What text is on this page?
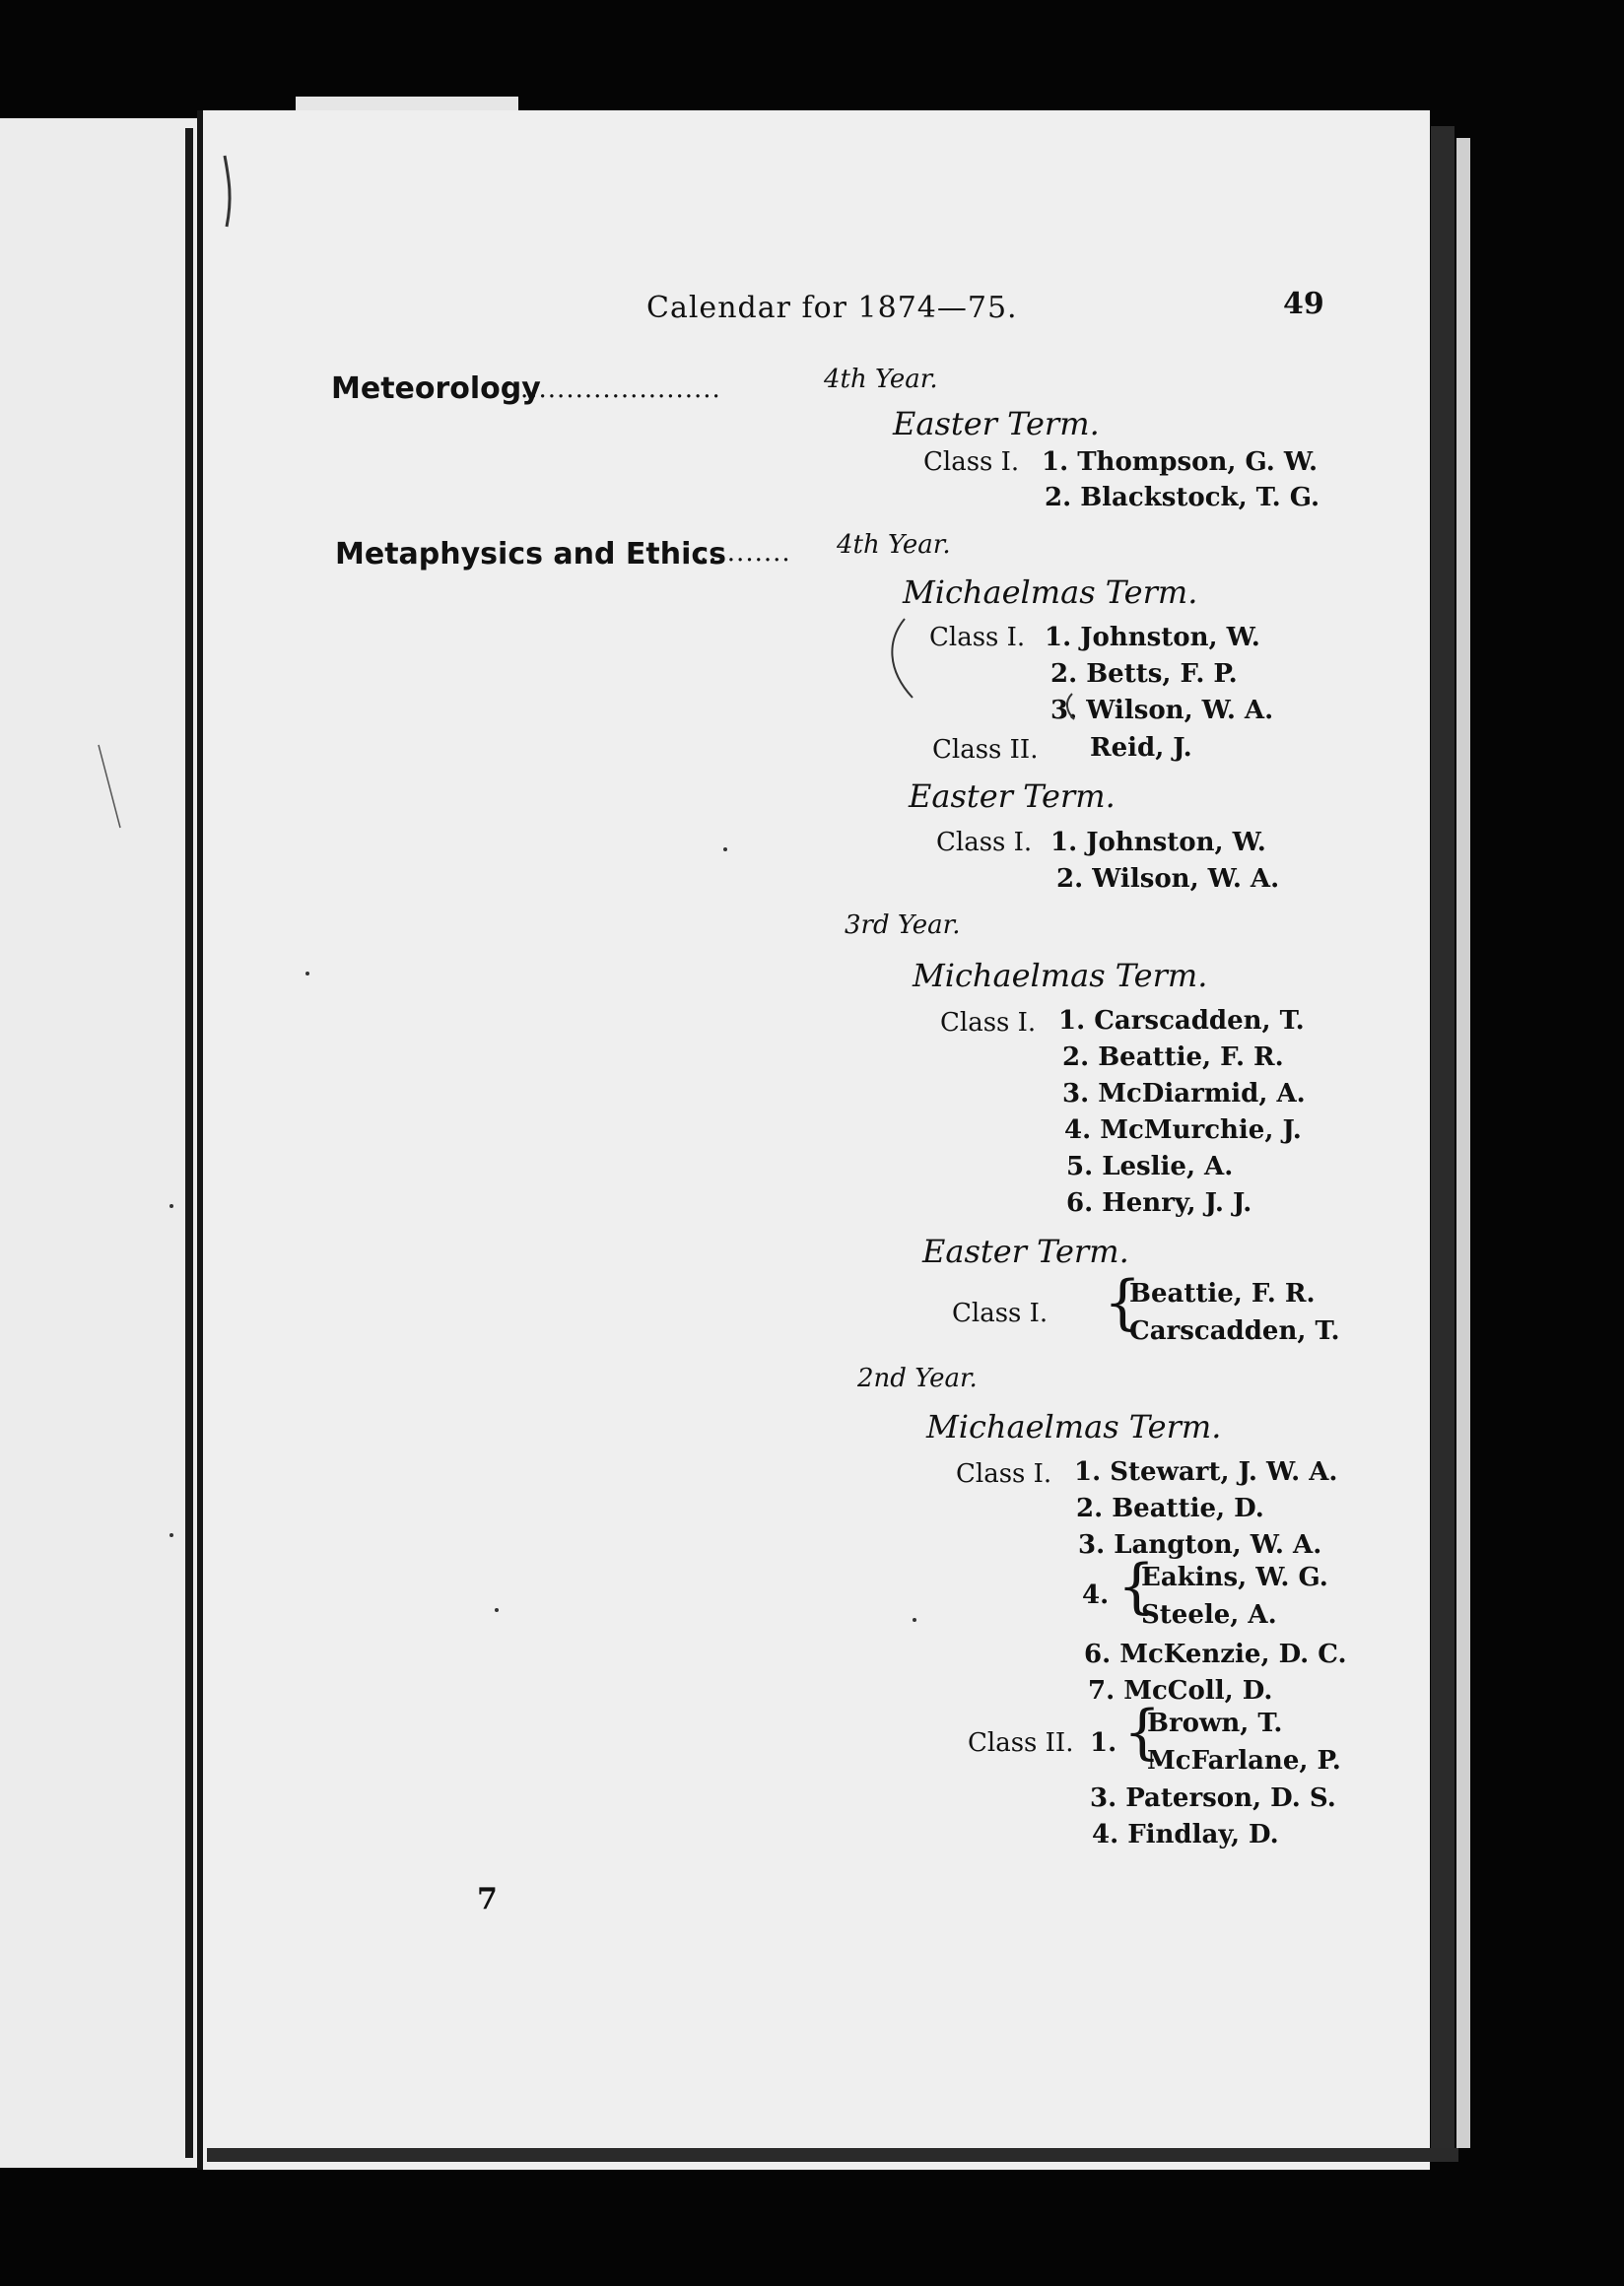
Calendar for 1874—75.	49
Meteorology
......................	4th Year.
Easter Term.
Class I. 1. Thompson, G. W.
2. Blackstock, T. G.
Metaphysics and Ethics
.......... 4th Year.
Michaelmas Term.
Class I. 1. Johnston, W.
2. Betts, F. P.
3. Wilson, W. A.
Class II. Reid, J.
Easter Term.
Class I. 1. Johnston, W.
2. Wilson, W. A.
3rd Year.
Michaelmas Term.
Class I. 1. Carscadden, T.
2. Beattie, F. R.
3. McDiarmid, A.
4. McMurchie, J.
5. Leslie, A.
6. Henry, J. J.
Easter Term.
Class I. {
Beattie, F. R.
Carscadden, T.
2nd Year.
Michaelmas Term.
Class I. 1. Stewart, J. W. A.
2. Beattie, D.
3. Langton, W. A.
4. {
Eakins, W. G.
Steele, A.
6. McKenzie, D. C.
7. McColl, D.
Class II. 1. {
Brown, T.
McFarlane, P.
3. Paterson, D. S.
4. Findlay, D.
7
